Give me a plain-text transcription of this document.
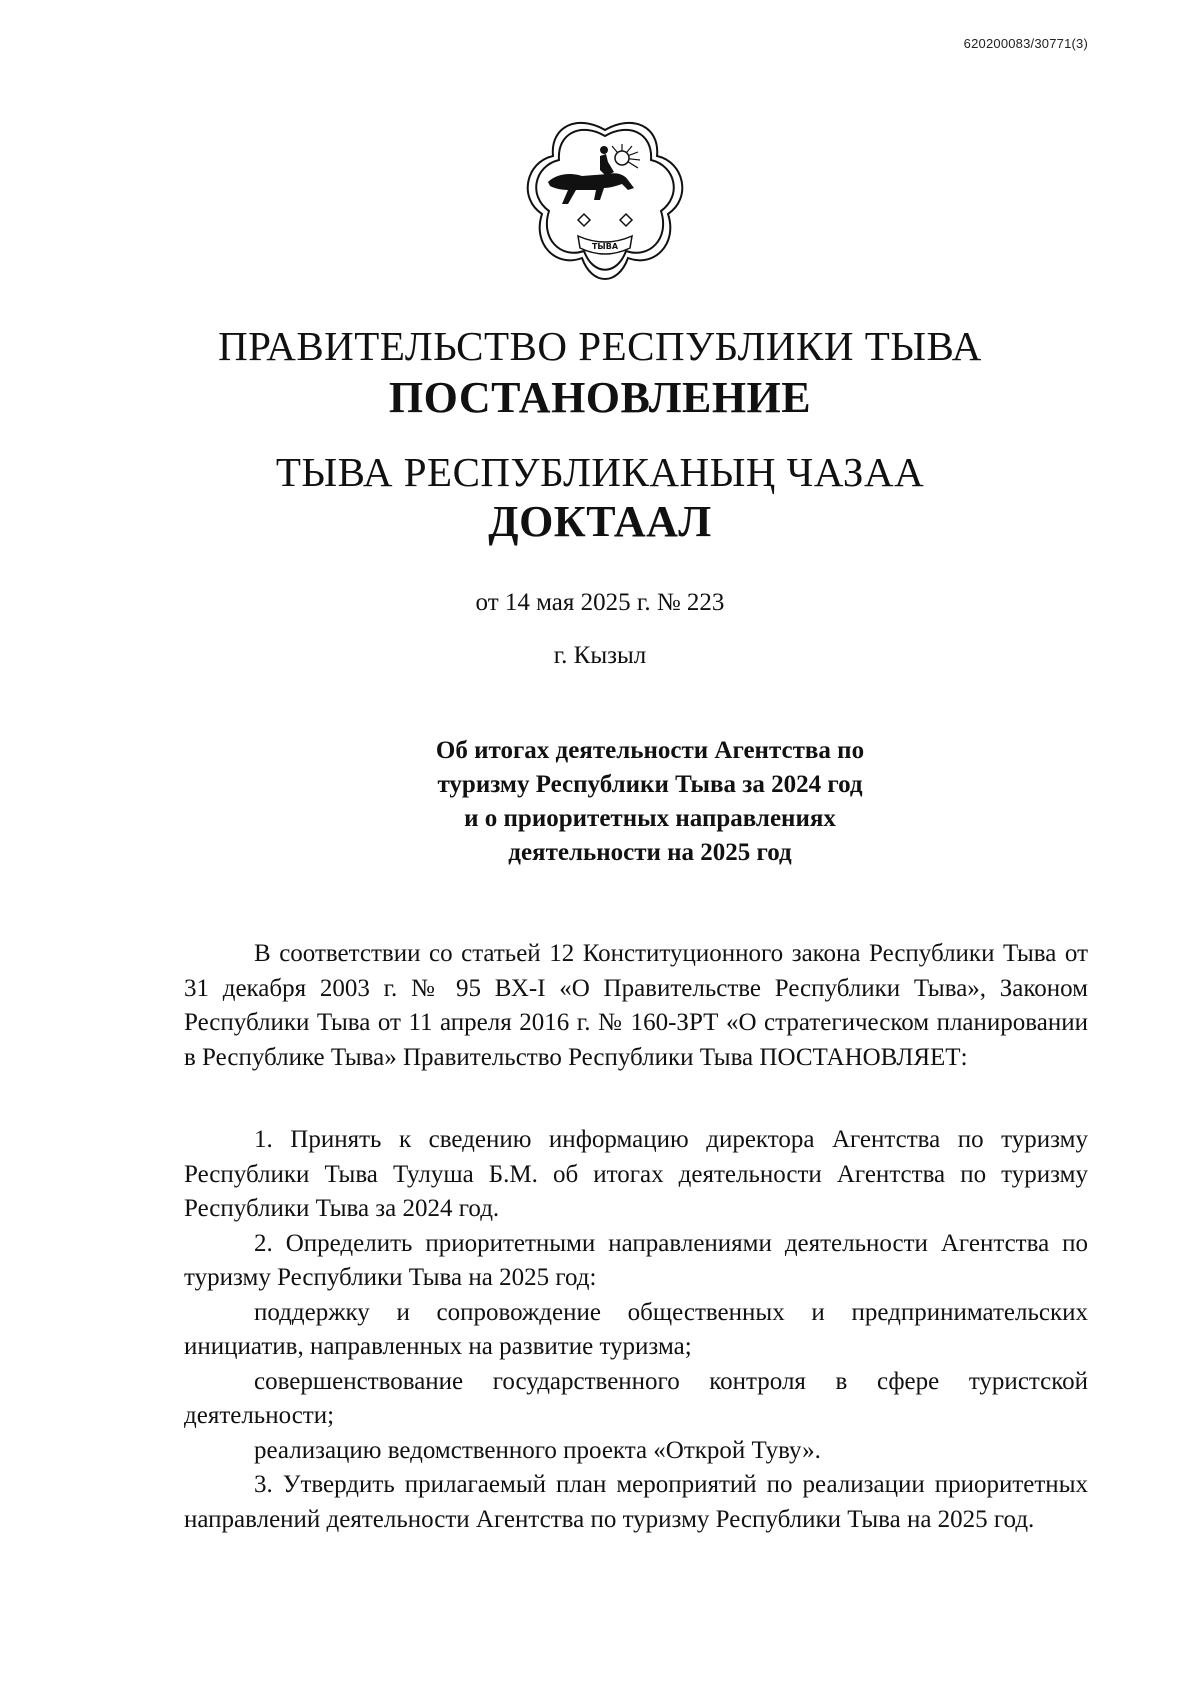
620200083/30771(3)
ТЫВА
ПРАВИТЕЛЬСТВО РЕСПУБЛИКИ ТЫВА
ПОСТАНОВЛЕНИЕ
ТЫВА РЕСПУБЛИКАНЫҢ ЧАЗАА
ДОКТААЛ
от 14 мая 2025 г. № 223
г. Кызыл
Об итогах деятельности Агентства по
туризму Республики Тыва за 2024 год
и о приоритетных направлениях
деятельности на 2025 год

В соответствии со статьей 12 Конституционного закона Республики Тыва от 31 декабря 2003 г. № 95 ВХ-I «О Правительстве Республики Тыва», Законом Республики Тыва от 11 апреля 2016 г. № 160-ЗРТ «О стратегическом планировании в Республике Тыва» Правительство Республики Тыва ПОСТАНОВЛЯЕТ:

1. Принять к сведению информацию директора Агентства по туризму Республики Тыва Тулуша Б.М. об итогах деятельности Агентства по туризму Республики Тыва за 2024 год.

2. Определить приоритетными направлениями деятельности Агентства по туризму Республики Тыва на 2025 год:

поддержку и сопровождение общественных и предпринимательских инициатив, направленных на развитие туризма;

совершенствование государственного контроля в сфере туристской деятельности;

реализацию ведомственного проекта «Открой Туву».

3. Утвердить прилагаемый план мероприятий по реализации приоритетных направлений деятельности Агентства по туризму Республики Тыва на 2025 год.
